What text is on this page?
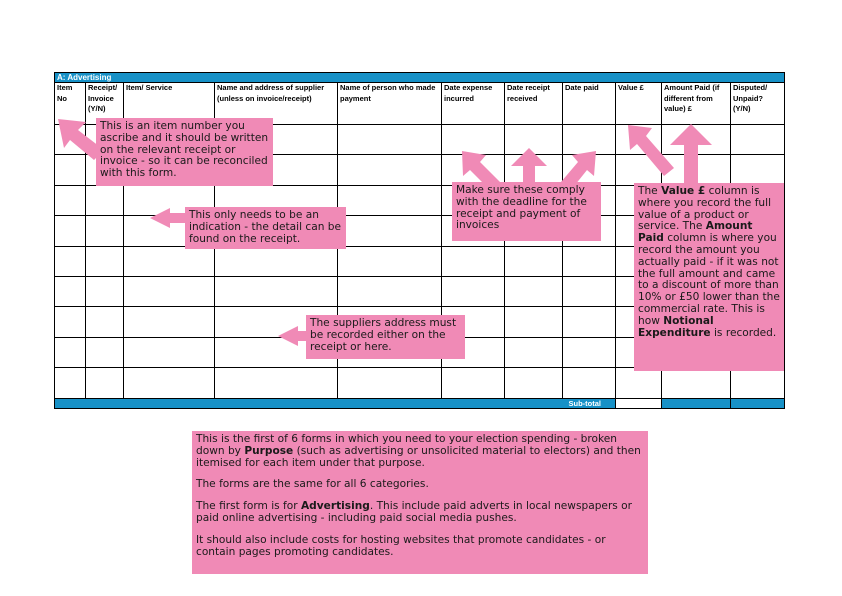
A: Advertising										
Item No	Receipt/ Invoice (Y/N)	Item/ Service	Name and address of supplier (unless on invoice/receipt)	Name of person who made payment	Date expense incurred	Date receipt received	Date paid	Value £	Amount Paid (if different from value) £	Disputed/ Unpaid? (Y/N)

Sub-total										
This is an item number you ascribe and it should be written on the relevant receipt or invoice - so it can be reconciled with this form.
This only needs to be an indication - the detail can be found on the receipt.
Make sure these comply with the deadline for the receipt and payment of invoices
The suppliers address must be recorded either on the receipt or here.
The Value £ column is where you record the full value of a product or service. The Amount Paid column is where you record the amount you actually paid - if it was not the full amount and came to a discount of more than 10% or £50 lower than the commercial rate. This is how Notional Expenditure is recorded.

This is the first of 6 forms in which you need to your election spending - broken down by Purpose (such as advertising or unsolicited material to electors) and then itemised for each item under that purpose.

The forms are the same for all 6 categories.

The first form is for Advertising. This include paid adverts in local newspapers or paid online advertising - including paid social media pushes.

It should also include costs for hosting websites that promote candidates - or contain pages promoting candidates.
